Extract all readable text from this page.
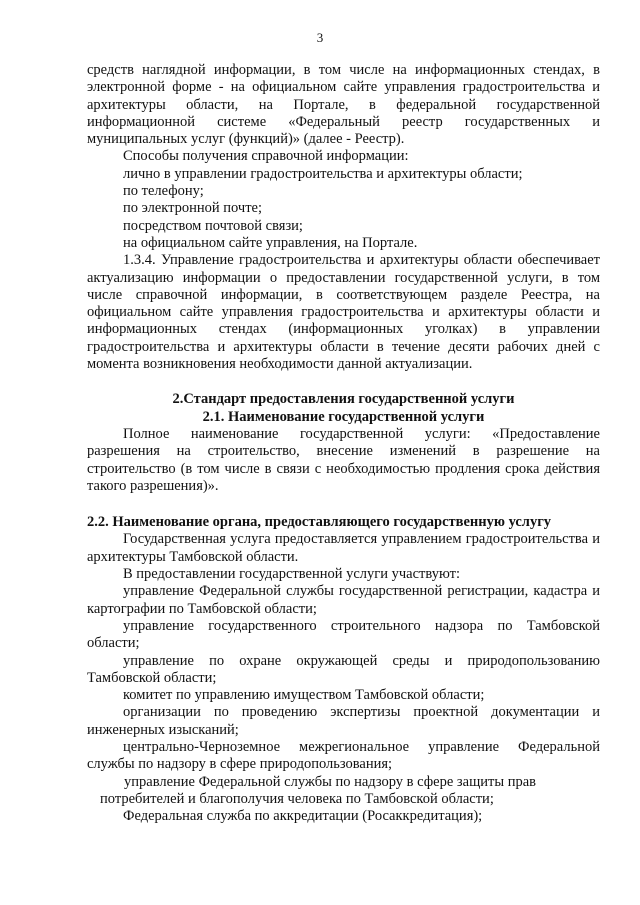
3

средств наглядной информации, в том числе на информационных стендах, в электронной форме - на официальном сайте управления градостроительства и архитектуры области, на Портале, в федеральной государственной информационной системе «Федеральный реестр государственных и муниципальных услуг (функций)» (далее - Реестр).

Способы получения справочной информации:

лично в управлении градостроительства и архитектуры области;

по телефону;

по электронной почте;

посредством почтовой связи;

на официальном сайте управления, на Портале.

1.3.4. Управление градостроительства и архитектуры области обеспечивает актуализацию информации о предоставлении государственной услуги, в том числе справочной информации, в соответствующем разделе Реестра, на официальном сайте управления градостроительства и архитектуры области и информационных стендах (информационных уголках) в управлении градостроительства и архитектуры области в течение десяти рабочих дней с момента возникновения необходимости данной актуализации.

2.Стандарт предоставления государственной услуги

2.1. Наименование государственной услуги

Полное наименование государственной услуги: «Предоставление разрешения на строительство, внесение изменений в разрешение на строительство (в том числе в связи с необходимостью продления срока действия такого разрешения)».

2.2. Наименование органа, предоставляющего государственную услугу

Государственная услуга предоставляется управлением градостроительства и архитектуры Тамбовской области.

В предоставлении государственной услуги участвуют:

управление Федеральной службы государственной регистрации, кадастра и картографии по Тамбовской области;

управление государственного строительного надзора по Тамбовской области;

управление по охране окружающей среды и природопользованию Тамбовской области;

комитет по управлению имуществом Тамбовской области;

организации по проведению экспертизы проектной документации и инженерных изысканий;

центрально-Черноземное межрегиональное управление Федеральной службы по надзору в сфере природопользования;

управление Федеральной службы по надзору в сфере защиты прав

потребителей и благополучия человека по Тамбовской области;

Федеральная служба по аккредитации (Росаккредитация);
